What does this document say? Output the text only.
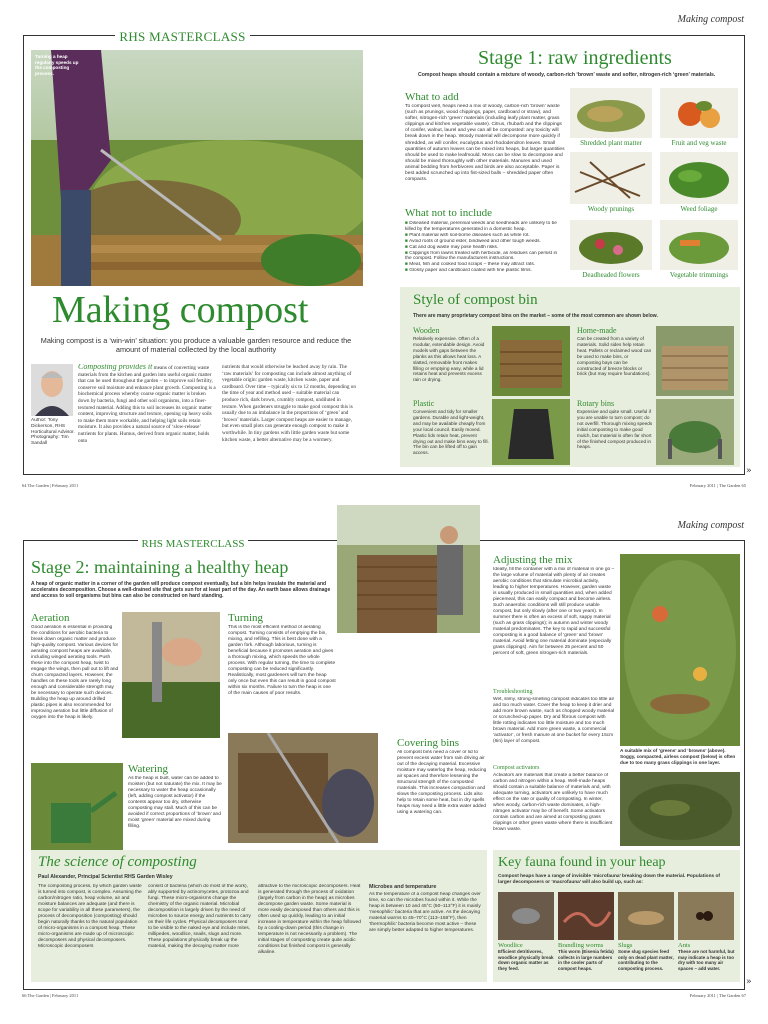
Making compost
RHS MASTERCLASS
Turning a heap regularly speeds up the composting process.
Making compost
Making compost is a ‘win-win’ situation: you produce a valuable garden resource and reduce the amount of material collected by the local authority
Author: Tony Dickerson, RHS Horticultural Advisor. Photography: Tim Sandall
Composting provides it means of converting waste materials from the kitchen and garden into useful organic matter that can be used throughout the garden – to improve soil fertility, conserve soil moisture and enhance plant growth. Composting is a biochemical process whereby coarse organic matter is broken down by bacteria, fungi and other soil organisms, into a finer-textured material. Adding this to soil increases its organic matter content, improving structure and texture, opening up heavy soils to make them more workable, and helping light soils retain moisture. It also provides a natural source of ‘slow-release’ nutrients for plants. Humus, derived from organic matter, holds onto
nutrients that would otherwise be leached away by rain. The ‘raw materials’ for composting can include almost anything of vegetable origin: garden waste, kitchen waste, paper and cardboard. Over time – typically six to 12 months, depending on the time of year and method used – suitable material can produce rich, dark brown, crumbly compost, undiluted in texture. When gardeners struggle to make good compost this is usually due to an imbalance in the proportions of ‘green’ and ‘brown’ materials. Larger compost heaps are easier to manage, but even small plots can generate enough compost to make it worthwhile. In tiny gardens with little garden waste but some kitchen waste, a better alternative may be a wormery.
Stage 1: raw ingredients
Compost heaps should contain a mixture of woody, carbon-rich ‘brown’ waste and softer, nitrogen-rich ‘green’ materials.
What to add
To compost well, heaps need a mix of woody, carbon-rich ‘brown’ waste (such as prunings, wood chippings, paper, cardboard or straw), and softer, nitrogen-rich ‘green’ materials (including leafy plant matter, grass clippings and kitchen vegetable waste). Citrus, rhubarb and the clippings of conifer, walnut, laurel and yew can all be composted: any toxicity will break down in the heap. Woody material will decompose more quickly if shredded, as will conifer, eucalyptus and rhododendron leaves. Small quantities of autumn leaves can be mixed into heaps, but larger quantities should be used to make leafmould. Moss can be slow to decompose and should be mixed thoroughly with other materials. Manures and used animal bedding from herbivores and birds are also acceptable. Paper is best added scrunched up into fist-sized balls – shredded paper often compacts.
What not to include
■ Diseased material, perennial weeds and seedheads are unlikely to be killed by the temperatures generated in a domestic heap.
■ Plant material with soil-borne diseases such as white rot.
■ Avoid roots of ground elder, bindweed and other tough weeds.
■ Cat and dog waste may pose health risks.
■ Clippings from lawns treated with herbicide, as residues can persist in the compost. Follow the manufacturers instructions.
■ Meat, fish and cooked food scraps – these may attract rats.
■ Glossy paper and cardboard coated with fine plastic films.
Shredded plant matter	Fruit and veg waste
Woody prunings	Weed foliage
Deadheaded flowers	Vegetable trimmings
Style of compost bin
There are many proprietary compost bins on the market – some of the most common are shown below.
Wooden
Relatively expensive. Often of a modular, extendable design. Avoid models with gaps between the planks as this allows heat loss. A slatted, removable front makes filling or emptying easy, while a lid retains heat and prevents excess rain or drying.
Home-made
Can be created from a variety of materials. Solid sides help retain heat. Pallets or reclaimed wood can be used to make bins, or composting bays can be constructed of breeze blocks or brick (but may require foundations).
Plastic
Convenient and tidy for smaller gardens. Durable and light-weight, and may be available cheaply from your local council. Easily moved. Plastic lids retain heat, prevent drying out and make bins easy to fill. The bin can be lifted off to gain access.
Rotary bins
Expensive and quite small. Useful if you are unable to turn compost; do not overfill. Thorough mixing speeds initial composting to make good mulch, but material is often far short of the finished compost produced in heaps.
»
64 The Garden | February 2011	February 2011 | The Garden 65
Making compost
RHS MASTERCLASS
Stage 2: maintaining a healthy heap
A heap of organic matter in a corner of the garden will produce compost eventually, but a bin helps insulate the material and accelerates decomposition. Choose a well-drained site that gets sun for at least part of the day. An earth base allows drainage and access to soil organisms but bins can also be constructed on hard standing.
Aeration
Good aeration is essential in providing the conditions for aerobic bacteria to break down organic matter and produce high-quality compost. Various devices for aerating compost heaps are available, including winged aerating tools. Push these into the compost heap, twist to engage the wings, then pull out to lift and churn compacted layers. However, the handles on these tools are rarely long enough and considerable strength may be necessary to operate such devices. Building the heap up around drilled plastic pipes is also recommended for improving aeration but little diffusion of oxygen into the heap is likely.
Turning
This is the most efficient method of aerating compost. Turning consists of emptying the bin, mixing, and refilling. This is best done with a garden fork. Although laborious, turning is beneficial because it promotes aeration and gives a thorough mixing, which speeds the whole process. With regular turning, the time to complete composting can be reduced significantly. Realistically, most gardeners will turn the heap only once but even this can result in good compost within six months. Failure to turn the heap is one of the main causes of poor results.
Watering
As the heap is built, water can be added to moisten (but not saturate) the mix. It may be necessary to water the heap occasionally (left, adding compost activator) if the contents appear too dry, otherwise composting may stall. Much of this can be avoided if correct proportions of ‘brown’ and moist ‘green’ material are mixed during filling.
Covering bins
All compost bins need a cover or lid to prevent excess water from rain driving air out of the decaying material. Excessive moisture may waterlog the heap, reducing air spaces and therefore lessening the structural strength of the composted materials. This increases compaction and slows the composting process. Lids also help to retain some heat, but in dry spells heaps may need a little extra water added using a watering can.
Adjusting the mix
Ideally, fill the container with a mix of material in one go – the large volume of material with plenty of air creates aerobic conditions that stimulate microbial activity, leading to higher temperatures. However, garden waste is usually produced in small quantities and, when added piecemeal, this can easily compact and become airless. Such anaerobic conditions will still produce usable compost, but only slowly (after one or two years). In summer there is often an excess of soft, sappy material (such as grass clippings); in autumn and winter woody material predominates. The key to rapid and successful composting is a good balance of ‘green’ and ‘brown’ material. Avoid letting one material dominate (especially grass clippings). Aim for between 25 percent and 50 percent of soft, green nitrogen-rich materials.
Troubleshooting
Wet, slimy, strong-smelling compost indicates too little air and too much water. Cover the heap to keep it drier and add more brown waste, such as chopped woody material or scrunched-up paper. Dry and fibrous compost with little rotting indicates too little moisture and too much brown material. Add more green waste, a commercial ‘activator’, or fresh manure at one bucket for every 15cm (6in) layer of compost.
Compost activators
Activators are materials that create a better balance of carbon and nitrogen within a heap. Well-made heaps should contain a suitable balance of materials and, with adequate turning, activators are unlikely to have much effect on the rate or quality of composting. In winter, when woody, carbon-rich waste dominates, a high-nitrogen activator may be of benefit. Some activators contain carbon and are aimed at composting grass clippings or other green waste where there is insufficient brown waste.
A suitable mix of ‘greens’ and ‘browns’ (above). Soggy, compacted, airless compost (below) is often due to too many grass clippings in one layer.
The science of composting
Paul Alexander, Principal Scientist RHS Garden Wisley
The composting process, by which garden waste is turned into compost, is complex. Assuming the carbon/nitrogen ratio, heap volume, air and moisture balances are adequate (and there is scope for variability in all these parameters), the process of decomposition (composting) should begin naturally thanks to the natural population of micro-organisms in a compost heap. These micro-organisms are made up of microscopic decomposers and physical decomposers. Microscopic decomposers
consist of bacteria (which do most of the work), ably supported by actinomycetes, protozoa and fungi. These micro-organisms change the chemistry of the organic material. Microbial decomposition is largely driven by the need of microbes to source energy and nutrients to carry on their life cycles. Physical decomposers tend to be visible to the naked eye and include mites, millipedes, woodlice, snails, slugs and more. These populations physically break up the material, making the decaying matter more
attractive to the microscopic decomposers. Heat is generated through the process of oxidation (largely from carbon in the heap) as microbes decompose garden waste. Some material is more easily decomposed than others and this is often used up quickly, leading to an initial increase in temperature within the heap followed by a cooling-down period (this change in temperature is not necessarily a problem). The initial stages of composting create quite acidic conditions but finished compost is generally alkaline.
Microbes and temperature
As the temperature of a compost heap changes over time, so can the microbes found within it. While the heap is between 10 and 45°C (50–113°F) it is mainly ‘mesophilic’ bacteria that are active. As the decaying material warms to 45–70°C (113–158°F), then ‘thermophilic’ bacteria become most active – these are simply better adapted to higher temperatures.
Key fauna found in your heap
Compost heaps have a range of invisible ‘microfauna’ breaking down the material. Populations of larger decomposers or ‘macrofauna’ will also build up, such as:
Woodlice
Efficient detritivores, woodlice physically break down organic matter as they feed.
Brandling worms
This worm (Eisenia fetida) collects in large numbers in the cooler parts of compost heaps.
Slugs
Some slug species feed only on dead plant matter, contributing to the composting process.
Ants
These are not harmful, but may indicate a heap is too dry with too many air spaces – add water.
»
66 The Garden | February 2011	February 2011 | The Garden 67
